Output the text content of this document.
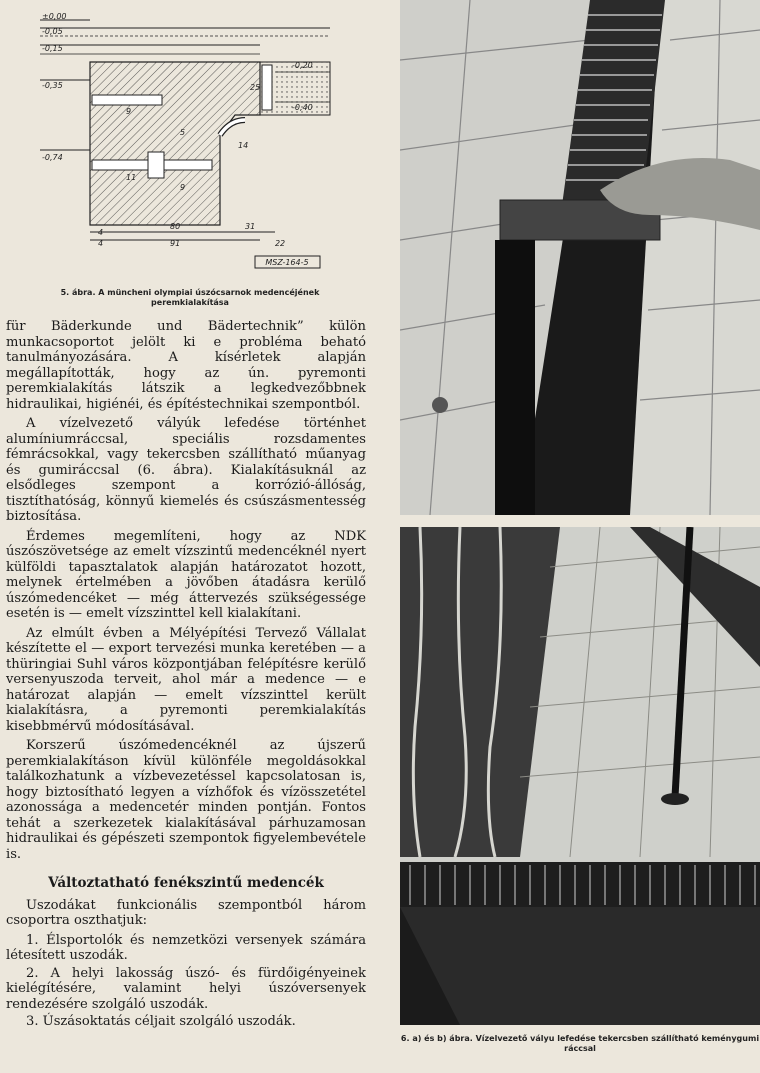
±0,00
-0,05
-0,15
-0,35
-0,74
-0,20
-0,40
25
14
80
91
31
2
4
4
9
11
9
5
2
MSZ-164-5
5. ábra. A müncheni olympiai úszócsarnok medencéjének peremkialakítása

für Bäderkunde und Bädertechnik” külön munkacsoportot jelölt ki e probléma beható tanulmányozására. A kísérletek alapján megállapították, hogy az ún. pyremonti peremkialakítás látszik a legkedvezőbbnek hidraulikai, higiénéi, és építéstechnikai szempontból.

A vízelvezető vályúk lefedése történhet alumíniumráccsal, speciális rozsdamentes fémrácsokkal, vagy tekercsben szállítható műanyag és gumiráccsal (6. ábra). Kialakításuknál az elsődleges szempont a korrózió-állóság, tisztíthatóság, könnyű kiemelés és csúszásmentesség biztosítása.

Érdemes megemlíteni, hogy az NDK úszószövetsége az emelt vízszintű medencéknél nyert külföldi tapasztalatok alapján határozatot hozott, melynek értelmében a jövőben átadásra kerülő úszómedencéket — még áttervezés szükségessége esetén is — emelt vízszinttel kell kialakítani.

Az elmúlt évben a Mélyépítési Tervező Vállalat készítette el — export tervezési munka keretében — a thüringiai Suhl város központjában felépítésre kerülő versenyuszoda terveit, ahol már a medence — e határozat alapján — emelt vízszinttel került kialakításra, a pyremonti peremkialakítás kisebbmérvű módosításával.

Korszerű úszómedencéknél az újszerű peremkialakításon kívül különféle megoldásokkal találkozhatunk a vízbevezetéssel kapcsolatosan is, hogy biztosítható legyen a vízhőfok és vízösszetétel azonossága a medencetér minden pontján. Fontos tehát a szerkezetek kialakításával párhuzamosan hidraulikai és gépészeti szempontok figyelembevétele is.

Változtatható fenékszintű medencék

Uszodákat funkcionális szempontból három csoportra oszthatjuk:

1. Élsportolók és nemzetközi versenyek számára létesített uszodák.

2. A helyi lakosság úszó- és fürdőigényeinek kielégítésére, valamint helyi úszóversenyek rendezésére szolgáló uszodák.

3. Úszásoktatás céljait szolgáló uszodák.

6. a) és b) ábra. Vízelvezető vályu lefedése tekercsben szállítható keménygumi ráccsal
